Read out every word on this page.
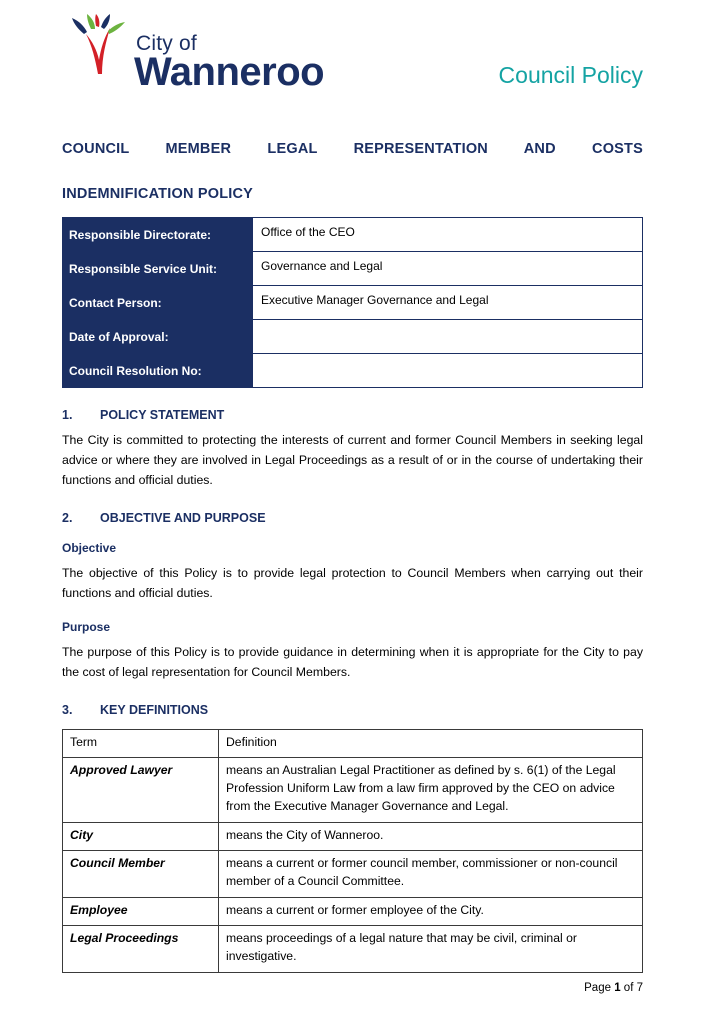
City of
Wanneroo	Council Policy
COUNCIL MEMBER LEGAL REPRESENTATION AND COSTS
INDEMNIFICATION POLICY
Responsible Directorate:	Office of the CEO
Responsible Service Unit:	Governance and Legal
Contact Person:	Executive Manager Governance and Legal
Date of Approval:	
Council Resolution No:	
1.	POLICY STATEMENT

The City is committed to protecting the interests of current and former Council Members in seeking legal advice or where they are involved in Legal Proceedings as a result of or in the course of undertaking their functions and official duties.

2.	OBJECTIVE AND PURPOSE
Objective

The objective of this Policy is to provide legal protection to Council Members when carrying out their functions and official duties.

Purpose

The purpose of this Policy is to provide guidance in determining when it is appropriate for the City to pay the cost of legal representation for Council Members.

3.	KEY DEFINITIONS
Term	Definition
Approved Lawyer	means an Australian Legal Practitioner as defined by s. 6(1) of the Legal Profession Uniform Law from a law firm approved by the CEO on advice from the Executive Manager Governance and Legal.
City	means the City of Wanneroo.
Council Member	means a current or former council member, commissioner or non-council member of a Council Committee.
Employee	means a current or former employee of the City.
Legal Proceedings	means proceedings of a legal nature that may be civil, criminal or investigative.
Page 1 of 7
